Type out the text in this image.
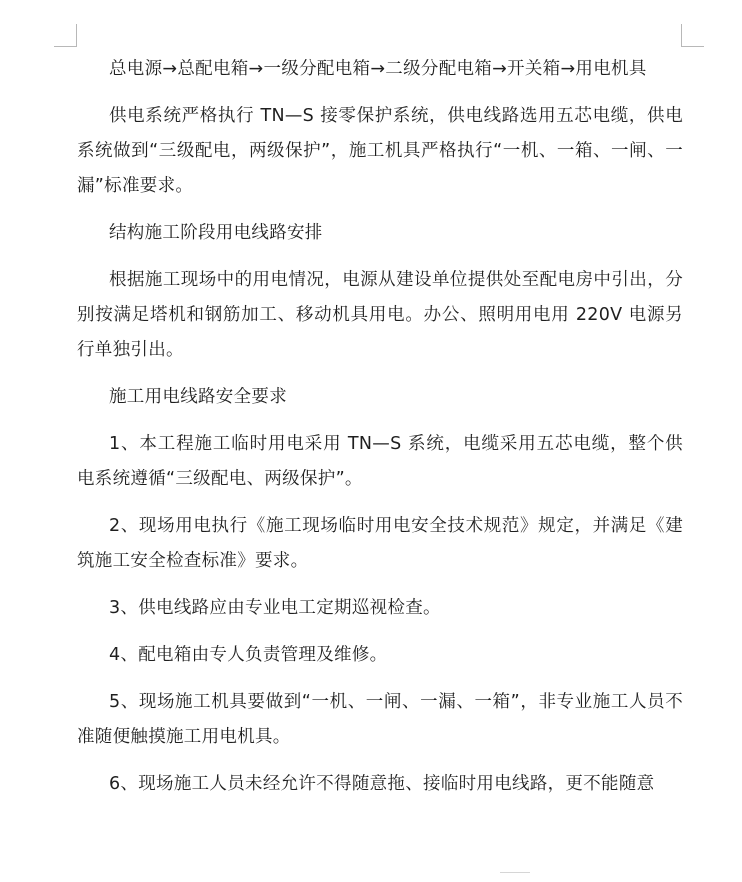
总电源→总配电箱→一级分配电箱→二级分配电箱→开关箱→用电机具

供电系统严格执行 TN—S 接零保护系统，供电线路选用五芯电缆，供电系统做到“三级配电，两级保护”，施工机具严格执行“一机、一箱、一闸、一漏”标准要求。

结构施工阶段用电线路安排

根据施工现场中的用电情况，电源从建设单位提供处至配电房中引出，分别按满足塔机和钢筋加工、移动机具用电。办公、照明用电用 220V 电源另行单独引出。

施工用电线路安全要求

1、本工程施工临时用电采用 TN—S 系统，电缆采用五芯电缆，整个供电系统遵循“三级配电、两级保护”。

2、现场用电执行《施工现场临时用电安全技术规范》规定，并满足《建筑施工安全检查标准》要求。

3、供电线路应由专业电工定期巡视检查。

4、配电箱由专人负责管理及维修。

5、现场施工机具要做到“一机、一闸、一漏、一箱”，非专业施工人员不准随便触摸施工用电机具。

6、现场施工人员未经允许不得随意拖、接临时用电线路，更不能随意
